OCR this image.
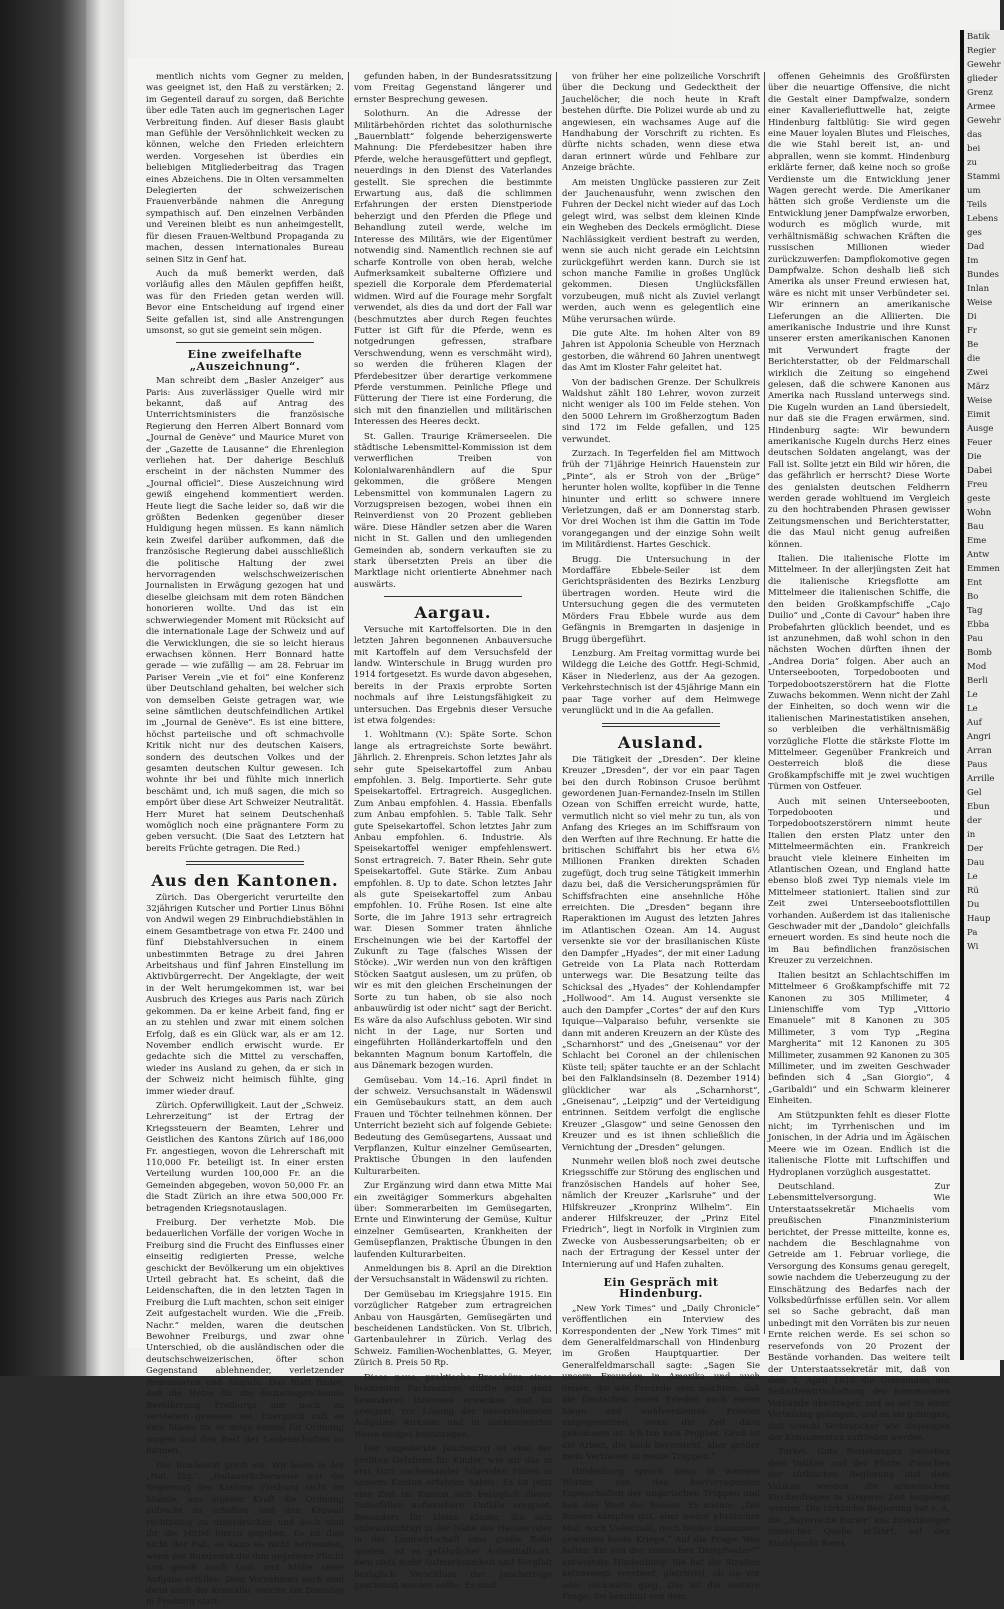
mentlich nichts vom Gegner zu melden, was geeignet ist, den Haß zu verstärken; 2. im Gegenteil darauf zu sorgen, daß Berichte über edle Taten auch im gegnerischen Lager Verbreitung finden. Auf dieser Basis glaubt man Gefühle der Versöhnlichkeit wecken zu können, welche den Frieden erleichtern werden. Vorgesehen ist überdies ein beliebigen Mitgliederbeitrag das Tragen eines Abzeichens. Die in Olten versammelten Delegierten der schweizerischen Frauenverbände nahmen die Anregung sympathisch auf. Den einzelnen Verbänden und Vereinen bleibt es nun anheimgestellt, für diesen Frauen-Weltbund Propaganda zu machen, dessen internationales Bureau seinen Sitz in Genf hat.

Auch da muß bemerkt werden, daß vorläufig alles den Mäulen gepfiffen heißt, was für den Frieden getan werden will. Bevor eine Entscheidung auf irgend einer Seite gefallen ist, sind alle Anstrengungen umsonst, so gut sie gemeint sein mögen.

Eine zweifelhafte „Auszeichnung“.

Man schreibt dem „Basler Anzeiger“ aus Paris: Aus zuverlässiger Quelle wird mir bekannt, daß auf Antrag des Unterrichtsministers die französische Regierung den Herren Albert Bonnard vom „Journal de Genève“ und Maurice Muret von der „Gazette de Lausanne“ die Ehrenlegion verliehen hat. Der daherige Beschluß erscheint in der nächsten Nummer des „Journal officiel“. Diese Auszeichnung wird gewiß eingehend kommentiert werden. Heute liegt die Sache leider so, daß wir die größten Bedenken gegenüber dieser Huldigung hegen müssen. Es kann nämlich kein Zweifel darüber aufkommen, daß die französische Regierung dabei ausschließlich die politische Haltung der zwei hervorragenden welschschweizerischen Journalisten in Erwägung gezogen hat und dieselbe gleichsam mit dem roten Bändchen honorieren wollte. Und das ist ein schwerwiegender Moment mit Rücksicht auf die internationale Lage der Schweiz und auf die Verwicklungen, die sie so leicht hieraus erwachsen können. Herr Bonnard hatte gerade — wie zufällig — am 28. Februar im Pariser Verein „vie et foi“ eine Konferenz über Deutschland gehalten, bei welcher sich von demselben Geiste getragen war, wie seine sämtlichen deutschfeindlichen Artikel im „Journal de Genève“. Es ist eine bittere, höchst parteiische und oft schmachvolle Kritik nicht nur des deutschen Kaisers, sondern des deutschen Volkes und der gesamten deutschen Kultur gewesen. Ich wohnte ihr bei und fühlte mich innerlich beschämt und, ich muß sagen, die mich so empört über diese Art Schweizer Neutralität. Herr Muret hat seinem Deutschenhaß womöglich noch eine prägnantere Form zu geben versucht. (Die Saat des Letztern hat bereits Früchte getragen. Die Red.)

Aus den Kantonen.

Zürich. Das Obergericht verurteilte den 32jährigen Kutscher und Portier Linus Böhni von Andwil wegen 29 Einbruchdiebstählen in einem Gesamtbetrage von etwa Fr. 2400 und fünf Diebstahlversuchen in einem unbestimmten Betrage zu drei Jahren Arbeitshaus und fünf Jahren Einstellung im Aktivbürgerrecht. Der Angeklagte, der weit in der Welt herumgekommen ist, war bei Ausbruch des Krieges aus Paris nach Zürich gekommen. Da er keine Arbeit fand, fing er an zu stehlen und zwar mit einem solchen Erfolg, daß es ein Glück war, als er am 12. November endlich erwischt wurde. Er gedachte sich die Mittel zu verschaffen, wieder ins Ausland zu gehen, da er sich in der Schweiz nicht heimisch fühlte, ging immer wieder drauf.

Zürich. Opferwilligkeit. Laut der „Schweiz. Lehrerzeitung“ ist der Ertrag der Kriegssteuern der Beamten, Lehrer und Geistlichen des Kantons Zürich auf 186,000 Fr. angestiegen, wovon die Lehrerschaft mit 110,000 Fr. beteiligt ist. In einer ersten Verteilung wurden 100,000 Fr. an die Gemeinden abgegeben, wovon 50,000 Fr. an die Stadt Zürich an ihre etwa 500,000 Fr. betragenden Kriegsnotauslagen.

Freiburg. Der verhetzte Mob. Die bedauerlichen Vorfälle der vorigen Woche in Freiburg sind die Frucht des Einflusses einer einseitig redigierten Presse, welche geschickt der Bevölkerung um ein objektives Urteil gebracht hat. Es scheint, daß die Leidenschaften, die in den letzten Tagen in Freiburg die Luft machten, schon seit einiger Zeit aufgestachelt wurden. Wie die „Freib. Nachr.“ melden, waren die deutschen Bewohner Freiburgs, und zwar ohne Unterschied, ob die ausländischen oder die deutschschweizerischen, öfter schon Gegenstand ablehnender, verletzender Redensarten und Ausrufe. Das Blatt findet, daß die Hetze für die deutschsprechende Bevölkerung Freiburgs nur noch zu verstehen gewesen sei. Energisch ruft es dem Staate zu, er möge einmal für Ordnung sorgen und den Rest der Leidenschaften zu bannen.

Der Bundesrat greift ein. Wir lesen in der „Nat. Ztg.“: „Bedauerlicherweise war die Regierung des Kantons Freiburg nicht im Stande, aus eigener Kraft die Ordnung aufrecht zu erhalten und den Krawall rechtzeitig zu unterdrücken und doch sind ihr die Mittel hierzu gegeben. Es ist dies nicht der Fall, so kann es nicht befremden, wenn der Bundesrat die ihm gegebene Pflicht und gewiß auch Lust und Mühe seine Aufgabe erfüllen. Dem Vernehmen nach sind denn auch die Krawalle, welche am Dienstag in Freiburg statt-

gefunden haben, in der Bundesratssitzung vom Freitag Gegenstand längerer und ernster Besprechung gewesen.

Solothurn. An die Adresse der Militärbehörden richtet das solothurnische „Bauernblatt“ folgende beherzigenswerte Mahnung: Die Pferdebesitzer haben ihre Pferde, welche herausgefüttert und gepflegt, neuerdings in den Dienst des Vaterlandes gestellt. Sie sprechen die bestimmte Erwartung aus, daß die schlimmen Erfahrungen der ersten Dienstperiode beherzigt und den Pferden die Pflege und Behandlung zuteil werde, welche im Interesse des Militärs, wie der Eigentümer notwendig sind. Namentlich rechnen sie auf scharfe Kontrolle von oben herab, welche Aufmerksamkeit subalterne Offiziere und speziell die Korporale dem Pferdematerial widmen. Wird auf die Fourage mehr Sorgfalt verwendet, als dies da und dort der Fall war (beschmutztes aber durch Regen feuchtes Futter ist Gift für die Pferde, wenn es notgedrungen gefressen, strafbare Verschwendung, wenn es verschmäht wird), so werden die früheren Klagen der Pferdebesitzer über derartige verkommene Pferde verstummen. Peinliche Pflege und Fütterung der Tiere ist eine Forderung, die sich mit den finanziellen und militärischen Interessen des Heeres deckt.

St. Gallen. Traurige Krämerseelen. Die städtische Lebensmittel-Kommission ist dem verwerflichen Treiben von Kolonialwarenhändlern auf die Spur gekommen, die größere Mengen Lebensmittel von kommunalen Lagern zu Vorzugspreisen bezogen, wobei ihnen ein Reinverdienst von 20 Prozent geblieben wäre. Diese Händler setzen aber die Waren nicht in St. Gallen und den umliegenden Gemeinden ab, sondern verkauften sie zu stark übersetzten Preis an über die Marktlage nicht orientierte Abnehmer nach auswärts.

Aargau.

Versuche mit Kartoffelsorten. Die in den letzten Jahren begonnenen Anbauversuche mit Kartoffeln auf dem Versuchsfeld der landw. Winterschule in Brugg wurden pro 1914 fortgesetzt. Es wurde davon abgesehen, bereits in der Praxis erprobte Sorten nochmals auf ihre Leistungsfähigkeit zu untersuchen. Das Ergebnis dieser Versuche ist etwa folgendes:

1. Wohltmann (V.): Späte Sorte. Schon lange als ertragreichste Sorte bewährt. Jährlich. 2. Ehrenpreis. Schon letztes Jahr als sehr gute Speisekartoffel zum Anbau empfohlen. 3. Belg. Importierte. Sehr gute Speisekartoffel. Ertragreich. Ausgeglichen. Zum Anbau empfohlen. 4. Hassia. Ebenfalls zum Anbau empfohlen. 5. Table Talk. Sehr gute Speisekartoffel. Schon letztes Jahr zum Anbau empfohlen. 6. Industrie. Als Speisekartoffel weniger empfehlenswert. Sonst ertragreich. 7. Bater Rhein. Sehr gute Speisekartoffel. Gute Stärke. Zum Anbau empfohlen. 8. Up to date. Schon letztes Jahr als gute Speisekartoffel zum Anbau empfohlen. 10. Frühe Rosen. Ist eine alte Sorte, die im Jahre 1913 sehr ertragreich war. Diesen Sommer traten ähnliche Erscheinungen wie bei der Kartoffel der Zukunft zu Tage (falsches Wissen der Stöcke). „Wir werden nun von den kräftigen Stöcken Saatgut auslesen, um zu prüfen, ob wir es mit den gleichen Erscheinungen der Sorte zu tun haben, ob sie also noch anbauwürdig ist oder nicht“ sagt der Bericht. Es wäre da also Aufschluss geboten. Wir sind nicht in der Lage, nur Sorten und eingeführten Holländerkartoffeln und den bekannten Magnum bonum Kartoffeln, die aus Dänemark bezogen wurden.

Gemüsebau. Vom 14.–16. April findet in der schweiz. Versuchsanstalt in Wädenswil ein Gemüsebaukurs statt, an dem auch Frauen und Töchter teilnehmen können. Der Unterricht bezieht sich auf folgende Gebiete: Bedeutung des Gemüsegartens, Aussaat und Verpflanzen, Kultur einzelner Gemüsearten, Praktische Übungen in den laufenden Kulturarbeiten.

Zur Ergänzung wird dann etwa Mitte Mai ein zweitägiger Sommerkurs abgehalten über: Sommerarbeiten im Gemüsegarten, Ernte und Einwinterung der Gemüse, Kultur einzelner Gemüsearten, Krankheiten der Gemüsepflanzen, Praktische Übungen in den laufenden Kulturarbeiten.

Anmeldungen bis 8. April an die Direktion der Versuchsanstalt in Wädenswil zu richten.

Der Gemüsebau im Kriegsjahre 1915. Ein vorzüglicher Ratgeber zum ertragreichen Anbau von Hausgärten, Gemüsegärten und bescheidenen Landstücken. Von St. Ulbrich, Gartenbaulehrer in Zürich. Verlag des Schweiz. Familien-Wochenblattes, G. Meyer, Zürich 8. Preis 50 Rp.

Diese neue, praktische Broschüre eines bekannten Fachmannes dürfte jetzt ganz besonderes Interesse erwecken und ist geeignet, zur Lösung der bevorstehenden Aufgaben wirksam und in dankenswerter Weise einiges beizutragen.

Der ungedeckte Jauchetrog ist eine der größten Gefahren für Kinder, wie wir das in erst kurz nacheinander folgenden Fällen in unserm Kanton erfahren haben. Es ist jetzt eine Zeit im Kanton sich bezüglich dieser Todesfällen aufweisbare Unfälle ereignet. Besonders für kleine Kinder, die sich unbeaufsichtigt in der Nähe des Hauses oder in der Landwirtschaft eine große Rolle spielen, ist es gefährlicher Aufenthaltsort, dem stets mehr Aufmerksamkeit und Sorgfalt bezüglich Verschluss der Jauchetröge geschenkt werden sollte. Es sind

von früher her eine polizeiliche Vorschrift über die Deckung und Gedecktheit der Jauchelöcher, die noch heute in Kraft bestehen dürfte. Die Polizei wurde ab und zu angewiesen, ein wachsames Auge auf die Handhabung der Vorschrift zu richten. Es dürfte nichts schaden, wenn diese etwa daran erinnert würde und Fehlbare zur Anzeige brächte.

Am meisten Unglücke passieren zur Zeit der Jauchenausfuhr, wenn zwischen den Fuhren der Deckel nicht wieder auf das Loch gelegt wird, was selbst dem kleinen Kinde ein Wegheben des Deckels ermöglicht. Diese Nachlässigkeit verdient bestraft zu werden, wenn sie auch nicht gerade ein Leichtsinn zurückgeführt werden kann. Durch sie ist schon manche Familie in großes Unglück gekommen. Diesen Unglücksfällen vorzubeugen, muß nicht als Zuviel verlangt werden, auch wenn es gelegentlich eine Mühe verursachen würde.

Die gute Alte. Im hohen Alter von 89 Jahren ist Appolonia Scheuble von Herznach gestorben, die während 60 Jahren unentwegt das Amt im Kloster Fahr geleitet hat.

Von der badischen Grenze. Der Schulkreis Waldshut zählt 180 Lehrer, wovon zurzeit nicht weniger als 100 im Felde stehen. Von den 5000 Lehrern im Großherzogtum Baden sind 172 im Felde gefallen, und 125 verwundet.

Zurzach. In Tegerfelden fiel am Mittwoch früh der 71jährige Heinrich Hauenstein zur „Pinte“, als er Stroh von der „Brüge“ herunter holen wollte, kopfüber in die Tenne hinunter und erlitt so schwere innere Verletzungen, daß er am Donnerstag starb. Vor drei Wochen ist ihm die Gattin im Tode vorangegangen und der einzige Sohn weilt im Militärdienst. Hartes Geschick.

Brugg. Die Untersuchung in der Mordaffäre Ebbele-Seiler ist dem Gerichtspräsidenten des Bezirks Lenzburg übertragen worden. Heute wird die Untersuchung gegen die des vermuteten Mörders Frau Ebbele wurde aus dem Gefängnis in Bremgarten in dasjenige in Brugg übergeführt.

Lenzburg. Am Freitag vormittag wurde bei Wildegg die Leiche des Gottfr. Hegi-Schmid, Käser in Niederlenz, aus der Aa gezogen. Verkehrstechnisch ist der 45jährige Mann ein paar Tage vorher auf dem Heimwege verunglückt und in die Aa gefallen.

Ausland.

Die Tätigkeit der „Dresden“. Der kleine Kreuzer „Dresden“, der vor ein paar Tagen bei den durch Robinson Crusoe berühmt gewordenen Juan-Fernandez-Inseln im Stillen Ozean von Schiffen erreicht wurde, hatte, vermutlich nicht so viel mehr zu tun, als von Anfang des Krieges an im Schiffsraum von den Werften auf ihre Rechnung. Er hatte die britischen Schiffahrt bis her etwa 6½ Millionen Franken direkten Schaden zugefügt, doch trug seine Tätigkeit immerhin dazu bei, daß die Versicherungsprämien für Schiffsfrachten eine ansehnliche Höhe erreichten. Die „Dresden“ begann ihre Raperaktionen im August des letzten Jahres im Atlantischen Ozean. Am 14. August versenkte sie vor der brasilianischen Küste den Dampfer „Hyades“, der mit einer Ladung Getreide von La Plata nach Rotterdam unterwegs war. Die Besatzung teilte das Schicksal des „Hyades“ der Kohlendampfer „Hollwood“. Am 14. August versenkte sie auch den Dampfer „Cortes“ der auf den Kurs Iquique—Valparaiso befuhr, versenkte sie dann mit anderen Kreuzern an der Küste des „Scharnhorst“ und des „Gneisenau“ vor der Schlacht bei Coronel an der chilenischen Küste teil; später tauchte er an der Schlacht bei den Falklandsinseln (8. Dezember 1914) glücklicher war als „Scharnhorst“, „Gneisenau“, „Leipzig“ und der Verteidigung entrinnen. Seitdem verfolgt die englische Kreuzer „Glasgow“ und seine Genossen den Kreuzer und es ist ihnen schließlich die Vernichtung der „Dresden“ gelungen.

Nunmehr weilen bloß noch zwei deutsche Kriegsschiffe zur Störung des englischen und französischen Handels auf hoher See, nämlich der Kreuzer „Karlsruhe“ und der Hilfskreuzer „Kronprinz Wilhelm“. Ein anderer Hilfskreuzer, der „Prinz Eitel Friedrich“, liegt in Norfolk in Virginien zum Zwecke von Ausbesserungsarbeiten; ob er nach der Ertragung der Kessel unter der Internierung auf und Hafen zuhalten.

Ein Gespräch mit Hindenburg.

„New York Times“ und „Daily Chronicle“ veröffentlichen ein Interview des Korrespondenten der „New York Times“ mit dem Generalfeldmarschall von Hindenburg im Großen Hauptquartier. Der Generalfeldmarschall sagte: „Sagen Sie unsern Freunden in Amerika und auch denen, die wie Freunde sein möchten, daß die Deutschen einen Frieden nach einem Siege und wohlverdienten Frieden entgegensehen, wenn die Zeit dazu gekommen ist. Ich bin kein Prophet. Groß ist die Arbeit, die noch bevorsteht, aber größer mein Vertrauen in meine Truppen.“

Hindenburg sprach dann in warmen Worten von den hervorragenden Eigenschaften der ungarischen Truppen und ließ den Wert der Russen. Er meinte: „Die Russen kämpfen gut, aber weder physischer Mut, noch Ueberzahl, noch beides zusammen gewinnen heute Kriege.“ Auf die Frage: Was halten Sie von der russischen Dampfwalze?“ antwortete Hindenburg: Sie hat die Straßen keineswegs verebnet, gleichviel, ob sie vor oder rückwärts ging. Das ist die weitere Frage: Sie beruhigt von dem

offenen Geheimnis des Großfürsten über die neuartige Offensive, die nicht die Gestalt einer Dampfwalze, sondern einer Kavalleriefluttwelle hat, zeigte Hindenburg faltblütig: Sie wird gegen eine Mauer loyalen Blutes und Fleisches, die wie Stahl bereit ist, an- und abprallen, wenn sie kommt. Hindenburg erklärte ferner, daß keine noch so große Verdienste um die Entwicklung jener Wagen gerecht werde. Die Amerikaner hätten sich große Verdienste um die Entwicklung jener Dampfwalze erworben, wodurch es möglich wurde, mit verhältnismäßig schwachen Kräften die russischen Millionen wieder zurückzuwerfen: Dampflokomotive gegen Dampfwalze. Schon deshalb ließ sich Amerika als unser Freund erwiesen hat, wäre es nicht mit unser Verbündeter sei. Wir erinnern an amerikanische Lieferungen an die Alliierten. Die amerikanische Industrie und ihre Kunst unserer ersten amerikanischen Kanonen mit Verwundert fragte der Berichterstatter, ob der Feldmarschall wirklich die Zeitung so eingehend gelesen, daß die schwere Kanonen aus Amerika nach Russland unterwegs sind. Die Kugeln wurden an Land übersiedelt, nur daß sie die Fragen erwärmen, sind. Hindenburg sagte: Wir bewundern amerikanische Kugeln durchs Herz eines deutschen Soldaten angelangt, was der Fall ist. Sollte jetzt ein Bild wir hören, die das gefährlich er herrscht? Diese Worte des genialsten deutschen Feldherrn werden gerade wohltuend im Vergleich zu den hochtrabenden Phrasen gewisser Zeitungsmenschen und Berichterstatter, die das Maul nicht genug aufreißen können.

Italien. Die italienische Flotte im Mittelmeer. In der allerjüngsten Zeit hat die italienische Kriegsflotte am Mittelmeer die italienischen Schiffe, die den beiden Großkampfschiffe „Cajo Duilio“ und „Conte di Cavour“ haben ihre Probefahrten glücklich beendet, und es ist anzunehmen, daß wohl schon in den nächsten Wochen dürften ihnen der „Andrea Doria“ folgen. Aber auch an Unterseebooten, Torpedobooten und Torpedobootszerstörern hat die Flotte Zuwachs bekommen. Wenn nicht der Zahl der Einheiten, so doch wenn wir die italienischen Marinestatistiken ansehen, so verbleiben die verhältnismäßig vorzügliche Flotte die stärkste Flotte im Mittelmeer. Gegenüber Frankreich und Oesterreich bloß die diese Großkampfschiffe mit je zwei wuchtigen Türmen von Ostfeuer.

Auch mit seinen Unterseebooten, Torpedobooten und Torpedobootszerstörern nimmt heute Italien den ersten Platz unter den Mittelmeermächten ein. Frankreich braucht viele kleinere Einheiten im Atlantischen Ozean, und England hatte ebenso bloß zwei Typ niemals viele im Mittelmeer stationiert. Italien sind zur Zeit zwei Unterseebootsflottillen vorhanden. Außerdem ist das italienische Geschwader mit der „Dandolo“ gleichfalls erneuert worden. Es sind heute noch die im Bau befindlichen französischen Kreuzer zu verzeichnen.

Italien besitzt an Schlachtschiffen im Mittelmeer 6 Großkampfschiffe mit 72 Kanonen zu 305 Millimeter, 4 Linienschiffe vom Typ „Vittorio Emanuele“ mit 8 Kanonen zu 305 Millimeter, 3 vom Typ „Regina Margherita“ mit 12 Kanonen zu 305 Millimeter, zusammen 92 Kanonen zu 305 Millimeter, und im zweiten Geschwader befinden sich 4 „San Giorgio“, 4 „Garibaldi“ und ein Schwarm kleinerer Einheiten.

Am Stützpunkten fehlt es dieser Flotte nicht; im Tyrrhenischen und im Jonischen, in der Adria und im Ägäischen Meere wie im Ozean. Endlich ist die italienische Flotte mit Luftschiffen und Hydroplanen vorzüglich ausgestattet.

Deutschland. Zur Lebensmittelversorgung. Wie Unterstaatssekretär Michaelis vom preußischen Finanzministerium berichtet, der Presse mitteilte, konne es, nachdem die Beschlagnahme von Getreide am 1. Februar vorliege, die Versorgung des Konsums genau geregelt, sowie nachdem die Ueberzeugung zu der Einschätzung des Bedarfes nach der Volksbedürfnisse erfüllen sein. Vor allem sei so Sache gebracht, daß man unbedingt mit den Vorräten bis zur neuen Ernte reichen werde. Es sei schon so reservefonds von 20 Prozent der Bestände vorhanden. Das weitere teilt der Unterstaatssekretär mit, daß von dem 1. April 1915 die Gemeinden der Selbstbewirtschaftung der kommunalen Verbände übertragen und es sei zu einer Verteilung gelangen, und es sei gelungen, daß sowohl Verbraucher wie diejenigen der Konsumenten zufrieden werden.

Türkei. Gute Beziehungen zwischen dem Vatikan und der Pforte. Zwischen der türkischen Regierung und dem Vatikan werden die armenischen Kirchenfragen in jüngerer Zeit beigelegt worden. Die türkische Regierung hat s. A. die „Bayerische Kurier“ aus zuverlässiger römischer Quelle erfährt, auf den Standpunkt Roms

Batik
Regier
Gewehr
glieder
Grenz
Armee
Gewehr
das
bei
zu
Stammi
um
Teils
Lebens
ges
Dad
Im
Bundes
Inlan
Weise
Di
Fr
Be
die
Zwei
März
Weise
Eimit
Ausge
Feuer
Die
Dabei
Freu
geste
Wohn
Bau
Eme
Antw
Emmen
Ent
Bo
Tag
Ebba
Pau
Bomb
Mod
Berli
Le
Le
Auf
Angri
Arran
Paus
Arrille
Gel
Ebun
der
in
Der
Dau
Le
Rü
Du
Haup
Pa
Wi
